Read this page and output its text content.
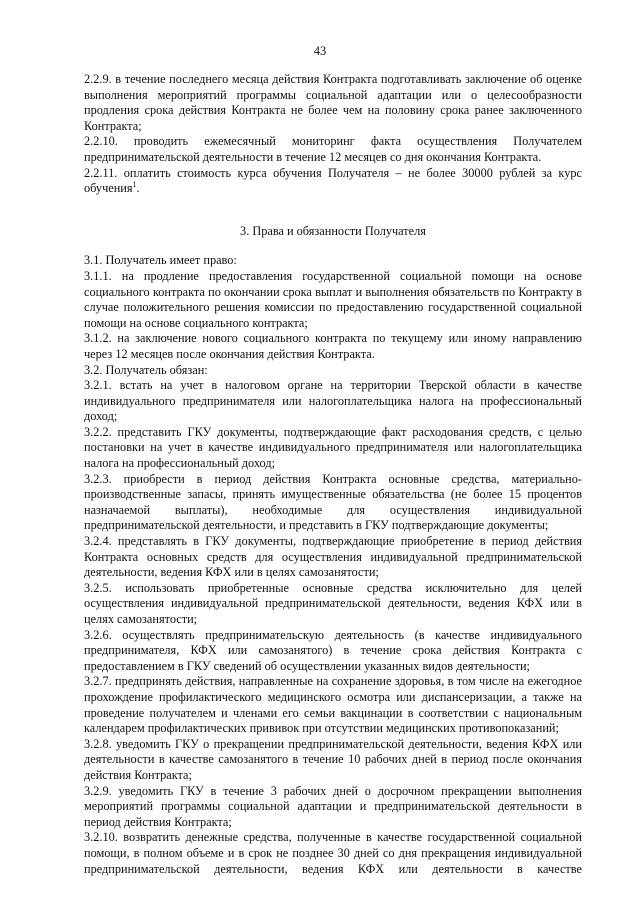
43

2.2.9. в течение последнего месяца действия Контракта подготавливать заключение об оценке выполнения мероприятий программы социальной адаптации или о целесообразности продления срока действия Контракта не более чем на половину срока ранее заключенного Контракта;

2.2.10. проводить ежемесячный мониторинг факта осуществления Получателем предпринимательской деятельности в течение 12 месяцев со дня окончания Контракта.

2.2.11. оплатить стоимость курса обучения Получателя – не более 30000 рублей за курс обучения$^1$.

3. Права и обязанности Получателя

3.1. Получатель имеет право:

3.1.1. на продление предоставления государственной социальной помощи на основе социального контракта по окончании срока выплат и выполнения обязательств по Контракту в случае положительного решения комиссии по предоставлению государственной социальной помощи на основе социального контракта;

3.1.2. на заключение нового социального контракта по текущему или иному направлению через 12 месяцев после окончания действия Контракта.

3.2. Получатель обязан:

3.2.1. встать на учет в налоговом органе на территории Тверской области в качестве индивидуального предпринимателя или налогоплательщика налога на профессиональный доход;

3.2.2. представить ГКУ документы, подтверждающие факт расходования средств, с целью постановки на учет в качестве индивидуального предпринимателя или налогоплательщика налога на профессиональный доход;

3.2.3. приобрести в период действия Контракта основные средства, материально-производственные запасы, принять имущественные обязательства (не более 15 процентов назначаемой выплаты), необходимые для осуществления индивидуальной предпринимательской деятельности, и представить в ГКУ подтверждающие документы;

3.2.4. представлять в ГКУ документы, подтверждающие приобретение в период действия Контракта основных средств для осуществления индивидуальной предпринимательской деятельности, ведения КФХ или в целях самозанятости;

3.2.5. использовать приобретенные основные средства исключительно для целей осуществления индивидуальной предпринимательской деятельности, ведения КФХ или в целях самозанятости;

3.2.6. осуществлять предпринимательскую деятельность (в качестве индивидуального предпринимателя, КФХ или самозанятого) в течение срока действия Контракта с предоставлением в ГКУ сведений об осуществлении указанных видов деятельности;

3.2.7. предпринять действия, направленные на сохранение здоровья, в том числе на ежегодное прохождение профилактического медицинского осмотра или диспансеризации, а также на проведение получателем и членами его семьи вакцинации в соответствии с национальным календарем профилактических прививок при отсутствии медицинских противопоказаний;

3.2.8. уведомить ГКУ о прекращении предпринимательской деятельности, ведения КФХ или деятельности в качестве самозанятого в течение 10 рабочих дней в период после окончания действия Контракта;

3.2.9. уведомить ГКУ в течение 3 рабочих дней о досрочном прекращении выполнения мероприятий программы социальной адаптации и предпринимательской деятельности в период действия Контракта;

3.2.10. возвратить денежные средства, полученные в качестве государственной социальной помощи, в полном объеме и в срок не позднее 30 дней со дня прекращения индивидуальной предпринимательской деятельности, ведения КФХ или деятельности в качестве
